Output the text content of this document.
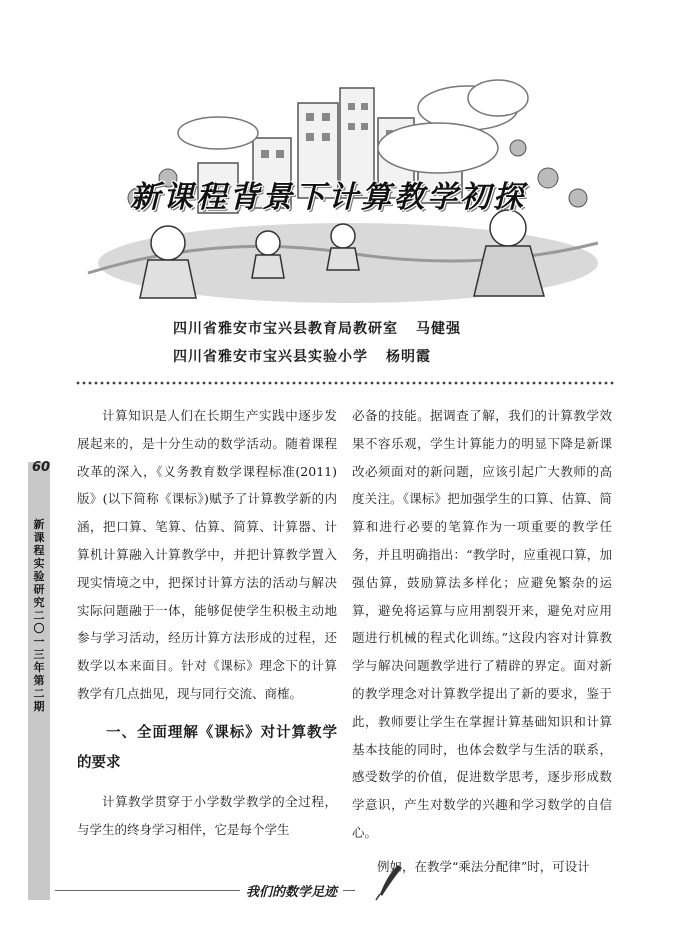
新课程背景下计算教学初探
四川省雅安市宝兴县教育局教研室 马健强
四川省雅安市宝兴县实验小学 杨明霞
60
新课程实验研究 二〇一三年 第二期

计算知识是人们在长期生产实践中逐步发展起来的，是十分生动的数学活动。随着课程改革的深入，《义务教育数学课程标准(2011)版》(以下简称《课标》)赋予了计算教学新的内涵，把口算、笔算、估算、简算、计算器、计算机计算融入计算教学中，并把计算教学置入现实情境之中，把探讨计算方法的活动与解决实际问题融于一体，能够促使学生积极主动地参与学习活动，经历计算方法形成的过程，还数学以本来面目。针对《课标》理念下的计算教学有几点拙见，现与同行交流、商榷。

一、全面理解《课标》对计算教学的要求

计算教学贯穿于小学数学教学的全过程，与学生的终身学习相伴，它是每个学生

必备的技能。据调查了解，我们的计算教学效果不容乐观，学生计算能力的明显下降是新课改必须面对的新问题，应该引起广大教师的高度关注。《课标》把加强学生的口算、估算、简算和进行必要的笔算作为一项重要的教学任务，并且明确指出：“教学时，应重视口算，加强估算，鼓励算法多样化；应避免繁杂的运算，避免将运算与应用割裂开来，避免对应用题进行机械的程式化训练。”这段内容对计算教学与解决问题教学进行了精辟的界定。面对新的教学理念对计算教学提出了新的要求，鉴于此，教师要让学生在掌握计算基础知识和计算基本技能的同时，也体会数学与生活的联系，感受数学的价值，促进数学思考，逐步形成数学意识，产生对数学的兴趣和学习数学的自信心。

例如，在教学“乘法分配律”时，可设计

我们的数学足迹
